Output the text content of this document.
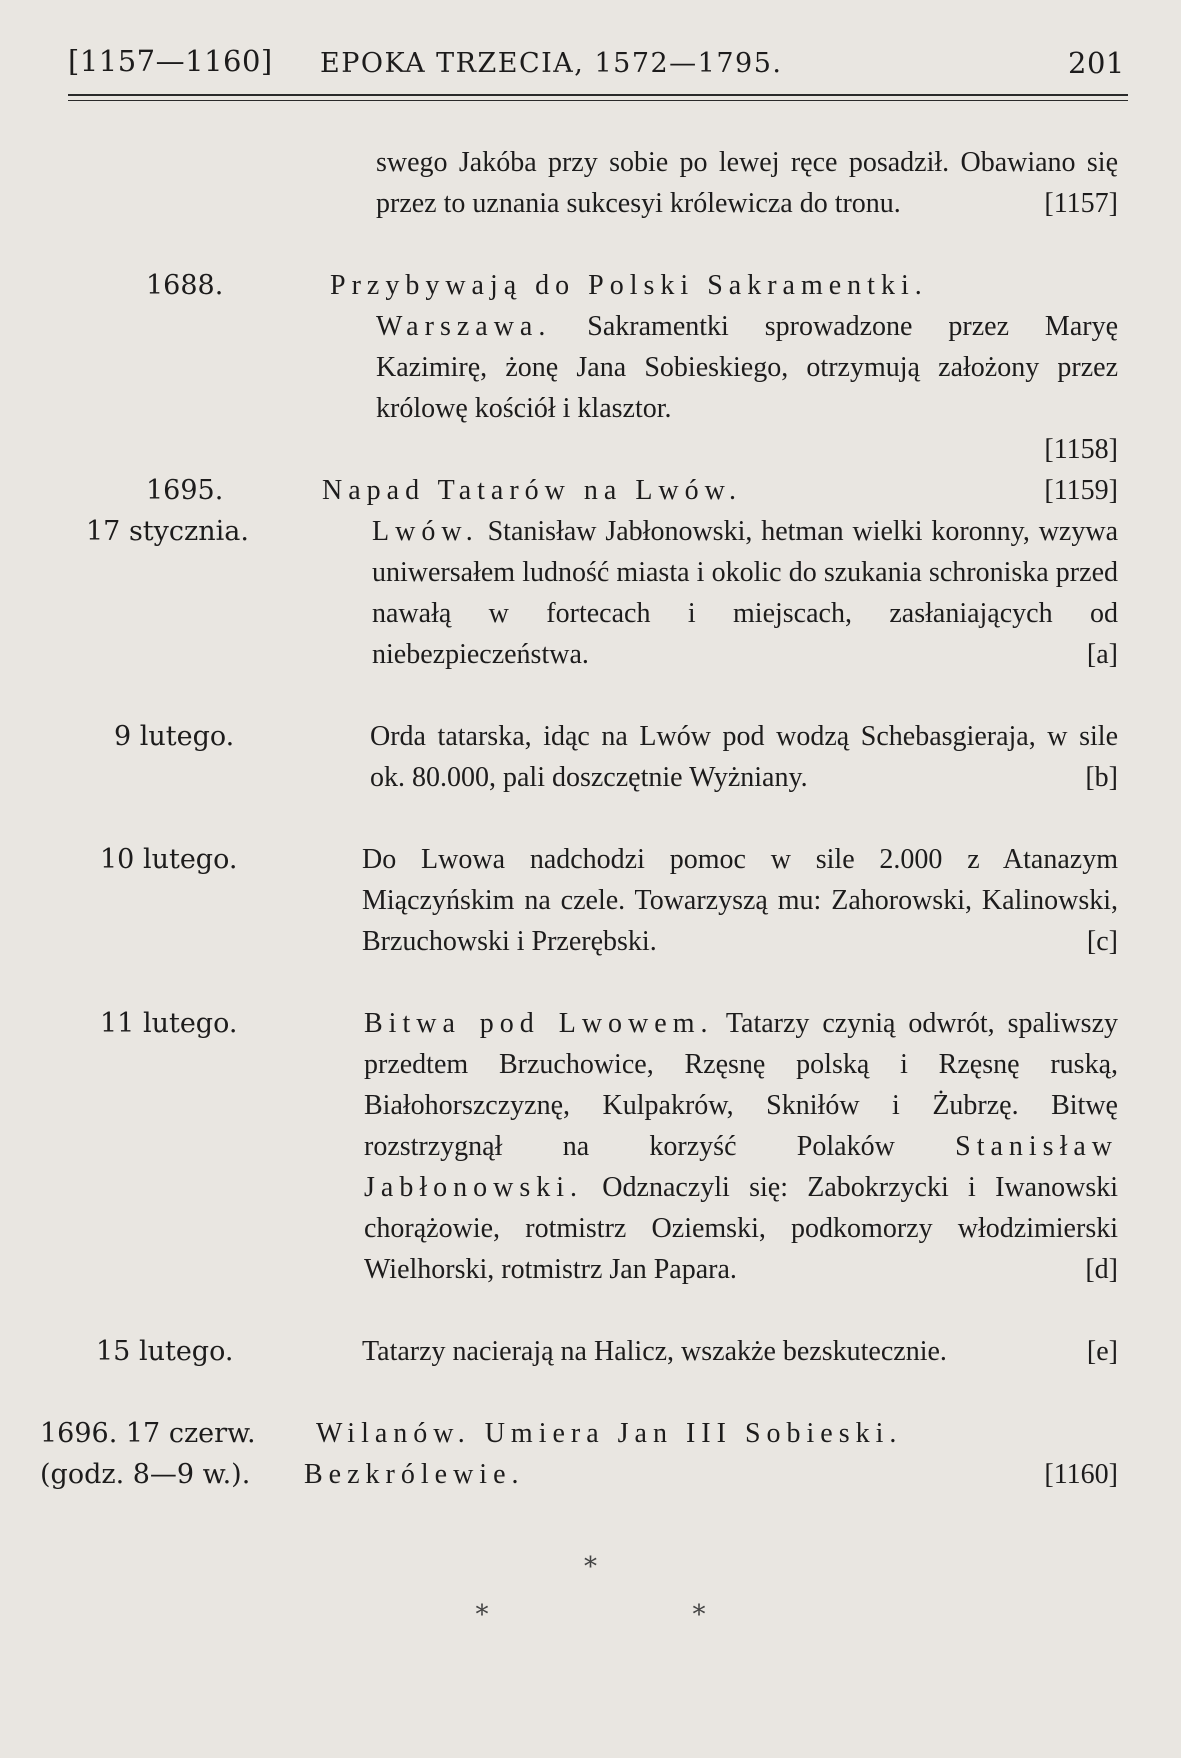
[1157—1160] EPOKA TRZECIA, 1572—1795.	201
swego Jakóba przy sobie po lewej ręce posadził. Obawiano się przez to uznania sukcesyi królewicza do tronu.	[1157]
1688.	Przybywają do Polski Sakramentki.
Warszawa. Sakramentki sprowadzone przez Maryę Kazimirę, żonę Jana Sobieskiego, otrzymują założony przez królowę kościół i klasztor.
[1158]
1695.	Napad Tatarów na Lwów.	[1159]
17 stycznia.	Lwów. Stanisław Jabłonowski, hetman wielki koronny, wzywa uniwersałem ludność miasta i okolic do szukania schroniska przed nawałą w fortecach i miejscach, zasłaniających od niebezpieczeństwa.	[a]
9 lutego.	Orda tatarska, idąc na Lwów pod wodzą Schebasgieraja, w sile ok. 80.000, pali doszczętnie Wyżniany.	[b]
10 lutego.	Do Lwowa nadchodzi pomoc w sile 2.000 z Atanazym Miączyńskim na czele. Towarzyszą mu: Zahorowski, Kalinowski, Brzuchowski i Przerębski.	[c]
11 lutego.	Bitwa pod Lwowem. Tatarzy czynią odwrót, spaliwszy przedtem Brzuchowice, Rzęsnę polską i Rzęsnę ruską, Białohorszczyznę, Kulpakrów, Skniłów i Żubrzę. Bitwę rozstrzygnął na korzyść Polaków Stanisław Jabłonowski. Odznaczyli się: Zabokrzycki i Iwanowski chorążowie, rotmistrz Oziemski, podkomorzy włodzimierski Wielhorski, rotmistrz Jan Papara.	[d]
15 lutego.	Tatarzy nacierają na Halicz, wszakże bezskutecznie.	[e]
1696. 17 czerw.	Wilanów. Umiera Jan III Sobieski.
(godz. 8—9 w.).	Bezkrólewie.	[1160]
*
*	*
